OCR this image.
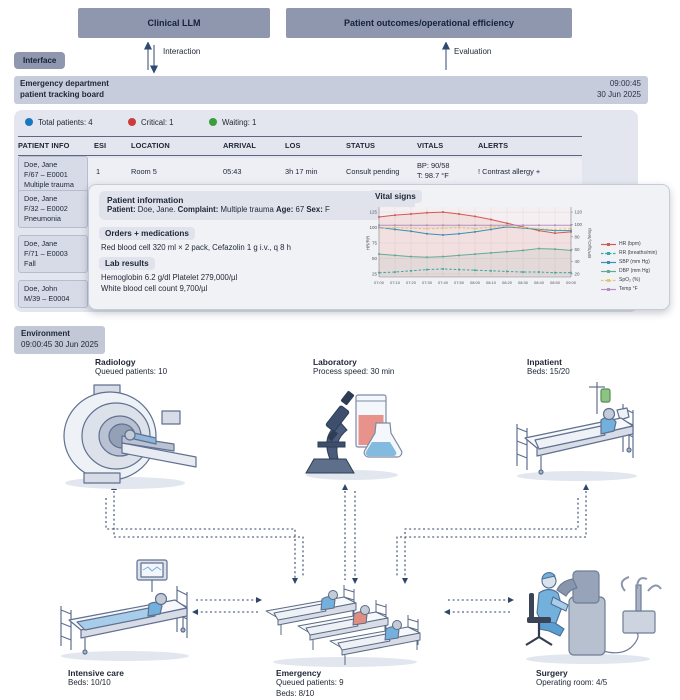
Clinical LLM	Patient outcomes/operational efficiency
Interaction	Evaluation
Interface
Emergency department
patient tracking board
09:00:45
30 Jun 2025
Total patients: 4	Critical: 1	Waiting: 1
PATIENT INFO	ESI	LOCATION	ARRIVAL	LOS	STATUS	VITALS	ALERTS
Doe, Jane
F/67 – E0001
Multiple trauma
1	Room 5	05:43	3h 17 min	Consult pending
BP: 90/58
T: 98.7 °F	! Contrast allergy +
Doe, Jane
F/32 – E0002
Pneumonia
Doe, Jane
F/71 – E0003
Fall
Doe, John
M/39 – E0004
Patient information
Patient: Doe, Jane. Complaint: Multiple trauma Age: 67 Sex: F
Orders + medications
Red blood cell 320 ml × 2 pack, Cefazolin 1 g i.v., q 8 h
Lab results
Hemoglobin 6.2 g/dl Platelet 279,000/µl
White blood cell count 9,700/µl
Vital signs
25
50
75
100
125
20
40
60
80
100
120
07:00 07:10 07:20 07:30 07:40 07:50 08:00 08:10 08:20 08:30 08:40 08:50 09:00
HR/RR	BP/SpO₂/temp	HR (bpm)
RR (breaths/min)
SBP (mm Hg)
DBP (mm Hg)
SpO₂ (%)
Temp °F
Environment
09:00:45 30 Jun 2025
Radiology
Queued patients: 10
Laboratory
Process speed: 30 min
Inpatient
Beds: 15/20
Intensive care
Beds: 10/10
Emergency
Queued patients: 9
Beds: 8/10
Surgery
Operating room: 4/5
